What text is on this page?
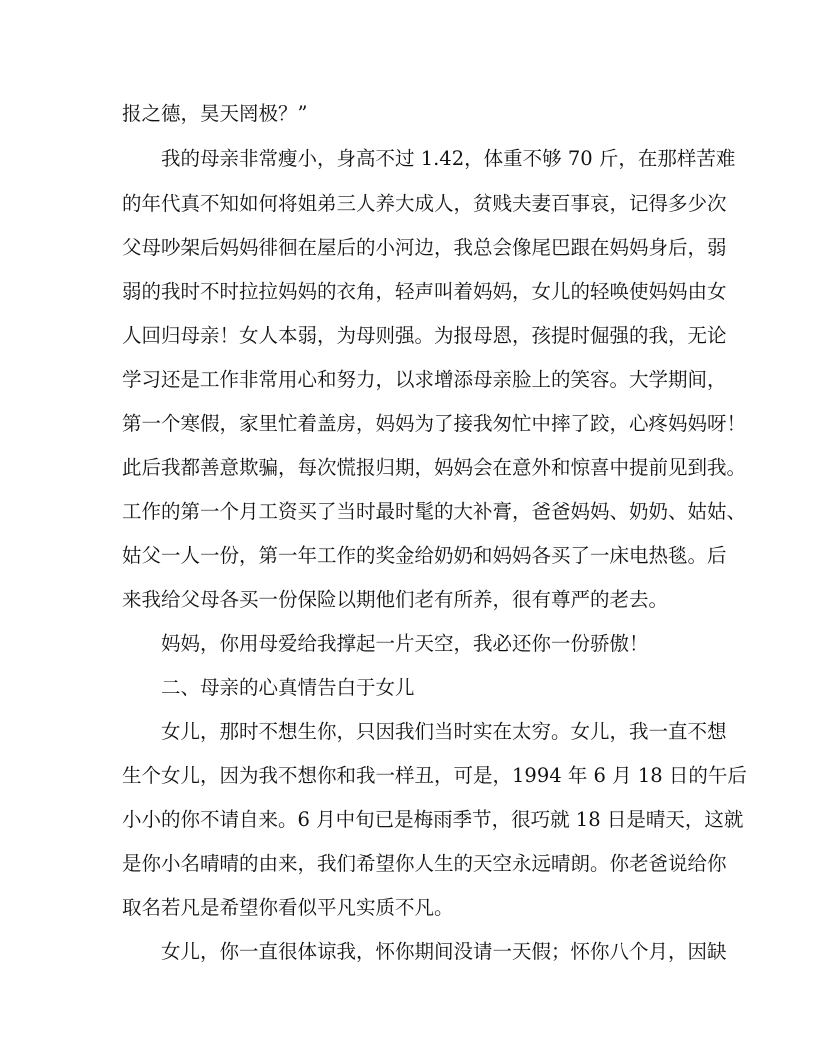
报之德，昊天罔极？”
我的母亲非常瘦小，身高不过 1.42，体重不够 70 斤，在那样苦难
的年代真不知如何将姐弟三人养大成人，贫贱夫妻百事哀，记得多少次
父母吵架后妈妈徘徊在屋后的小河边，我总会像尾巴跟在妈妈身后，弱
弱的我时不时拉拉妈妈的衣角，轻声叫着妈妈，女儿的轻唤使妈妈由女
人回归母亲！女人本弱，为母则强。为报母恩，孩提时倔强的我，无论
学习还是工作非常用心和努力，以求增添母亲脸上的笑容。大学期间，
第一个寒假，家里忙着盖房，妈妈为了接我匆忙中摔了跤，心疼妈妈呀！
此后我都善意欺骗，每次慌报归期，妈妈会在意外和惊喜中提前见到我。
工作的第一个月工资买了当时最时髦的大补膏，爸爸妈妈、奶奶、姑姑、
姑父一人一份，第一年工作的奖金给奶奶和妈妈各买了一床电热毯。后
来我给父母各买一份保险以期他们老有所养，很有尊严的老去。
妈妈，你用母爱给我撑起一片天空，我必还你一份骄傲！
二、母亲的心真情告白于女儿
女儿，那时不想生你，只因我们当时实在太穷。女儿，我一直不想
生个女儿，因为我不想你和我一样丑，可是，1994 年 6 月 18 日的午后
小小的你不请自来。6 月中旬已是梅雨季节，很巧就 18 日是晴天，这就
是你小名晴晴的由来，我们希望你人生的天空永远晴朗。你老爸说给你
取名若凡是希望你看似平凡实质不凡。
女儿，你一直很体谅我，怀你期间没请一天假；怀你八个月，因缺
